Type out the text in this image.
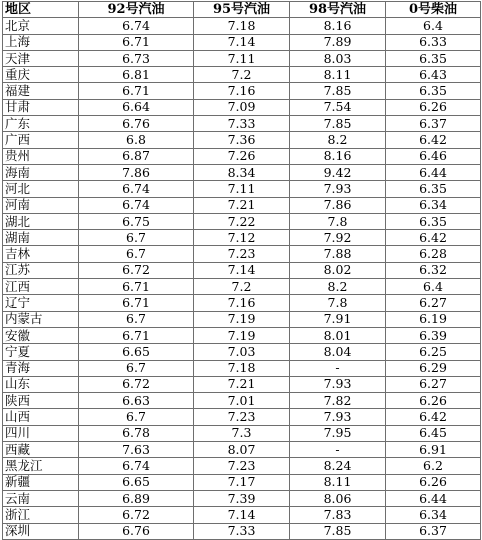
地区	92号汽油	95号汽油	98号汽油	0号柴油
北京	6.74	7.18	8.16	6.4
上海	6.71	7.14	7.89	6.33
天津	6.73	7.11	8.03	6.35
重庆	6.81	7.2	8.11	6.43
福建	6.71	7.16	7.85	6.35
甘肃	6.64	7.09	7.54	6.26
广东	6.76	7.33	7.85	6.37
广西	6.8	7.36	8.2	6.42
贵州	6.87	7.26	8.16	6.46
海南	7.86	8.34	9.42	6.44
河北	6.74	7.11	7.93	6.35
河南	6.74	7.21	7.86	6.34
湖北	6.75	7.22	7.8	6.35
湖南	6.7	7.12	7.92	6.42
吉林	6.7	7.23	7.88	6.28
江苏	6.72	7.14	8.02	6.32
江西	6.71	7.2	8.2	6.4
辽宁	6.71	7.16	7.8	6.27
内蒙古	6.7	7.19	7.91	6.19
安徽	6.71	7.19	8.01	6.39
宁夏	6.65	7.03	8.04	6.25
青海	6.7	7.18	-	6.29
山东	6.72	7.21	7.93	6.27
陕西	6.63	7.01	7.82	6.26
山西	6.7	7.23	7.93	6.42
四川	6.78	7.3	7.95	6.45
西藏	7.63	8.07	-	6.91
黑龙江	6.74	7.23	8.24	6.2
新疆	6.65	7.17	8.11	6.26
云南	6.89	7.39	8.06	6.44
浙江	6.72	7.14	7.83	6.34
深圳	6.76	7.33	7.85	6.37
